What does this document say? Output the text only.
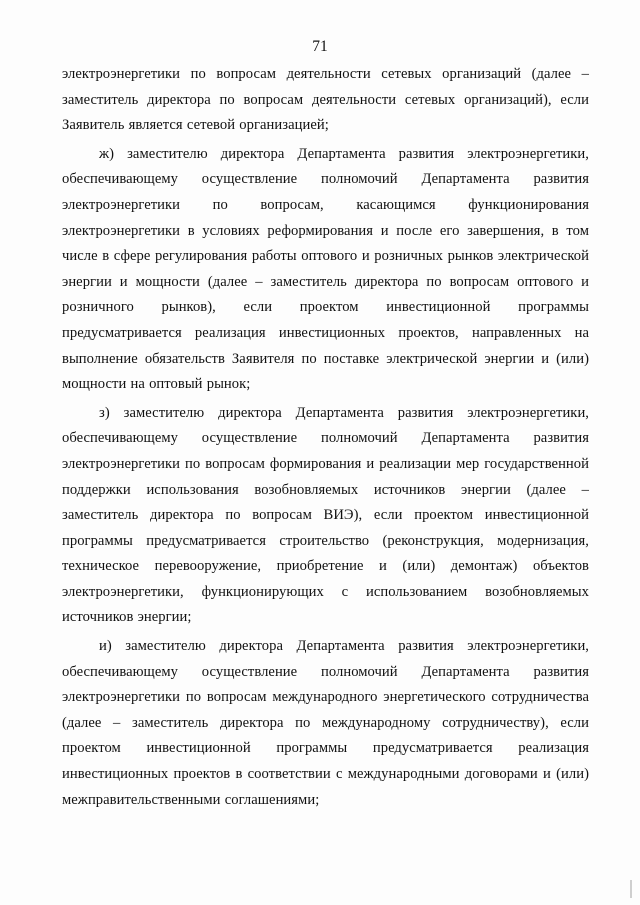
71

электроэнергетики по вопросам деятельности сетевых организаций (далее – заместитель директора по вопросам деятельности сетевых организаций), если Заявитель является сетевой организацией;

ж) заместителю директора Департамента развития электроэнергетики, обеспечивающему осуществление полномочий Департамента развития электроэнергетики по вопросам, касающимся функционирования электроэнергетики в условиях реформирования и после его завершения, в том числе в сфере регулирования работы оптового и розничных рынков электрической энергии и мощности (далее – заместитель директора по вопросам оптового и розничного рынков), если проектом инвестиционной программы предусматривается реализация инвестиционных проектов, направленных на выполнение обязательств Заявителя по поставке электрической энергии и (или) мощности на оптовый рынок;

з) заместителю директора Департамента развития электроэнергетики, обеспечивающему осуществление полномочий Департамента развития электроэнергетики по вопросам формирования и реализации мер государственной поддержки использования возобновляемых источников энергии (далее – заместитель директора по вопросам ВИЭ), если проектом инвестиционной программы предусматривается строительство (реконструкция, модернизация, техническое перевооружение, приобретение и (или) демонтаж) объектов электроэнергетики, функционирующих с использованием возобновляемых источников энергии;

и) заместителю директора Департамента развития электроэнергетики, обеспечивающему осуществление полномочий Департамента развития электроэнергетики по вопросам международного энергетического сотрудничества (далее – заместитель директора по международному сотрудничеству), если проектом инвестиционной программы предусматривается реализация инвестиционных проектов в соответствии с международными договорами и (или) межправительственными соглашениями;
